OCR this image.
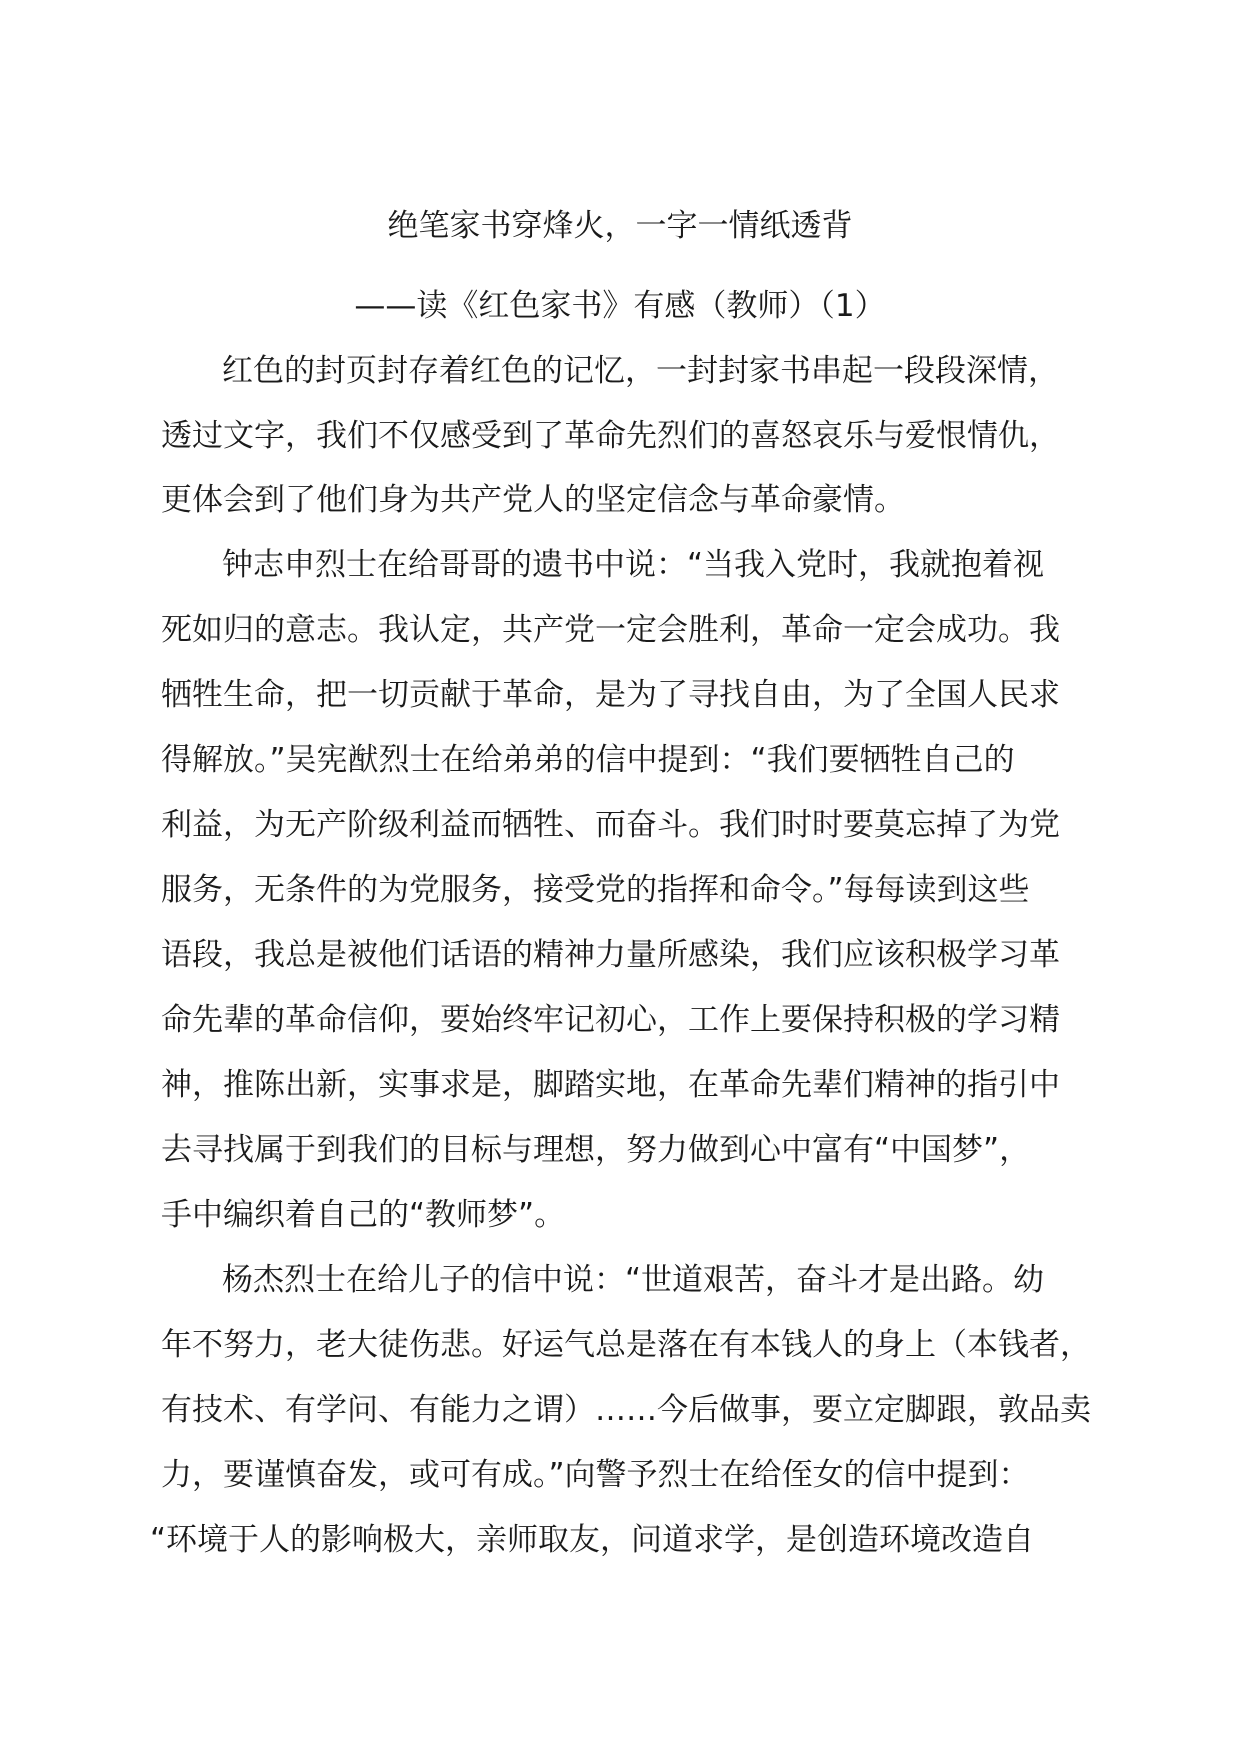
绝笔家书穿烽火，一字一情纸透背
——读《红色家书》有感（教师）（1）
红色的封页封存着红色的记忆，一封封家书串起一段段深情，
透过文字，我们不仅感受到了革命先烈们的喜怒哀乐与爱恨情仇，
更体会到了他们身为共产党人的坚定信念与革命豪情。
钟志申烈士在给哥哥的遗书中说：“当我入党时，我就抱着视
死如归的意志。我认定，共产党一定会胜利，革命一定会成功。我
牺牲生命，把一切贡献于革命，是为了寻找自由，为了全国人民求
得解放。”吴宪猷烈士在给弟弟的信中提到：“我们要牺牲自己的
利益，为无产阶级利益而牺牲、而奋斗。我们时时要莫忘掉了为党
服务，无条件的为党服务，接受党的指挥和命令。”每每读到这些
语段，我总是被他们话语的精神力量所感染，我们应该积极学习革
命先辈的革命信仰，要始终牢记初心，工作上要保持积极的学习精
神，推陈出新，实事求是，脚踏实地，在革命先辈们精神的指引中
去寻找属于到我们的目标与理想，努力做到心中富有“中国梦”，
手中编织着自己的“教师梦”。
杨杰烈士在给儿子的信中说：“世道艰苦，奋斗才是出路。幼
年不努力，老大徒伤悲。好运气总是落在有本钱人的身上（本钱者，
有技术、有学问、有能力之谓）……今后做事，要立定脚跟，敦品卖
力，要谨慎奋发，或可有成。”向警予烈士在给侄女的信中提到：
“环境于人的影响极大，亲师取友，问道求学，是创造环境改造自
